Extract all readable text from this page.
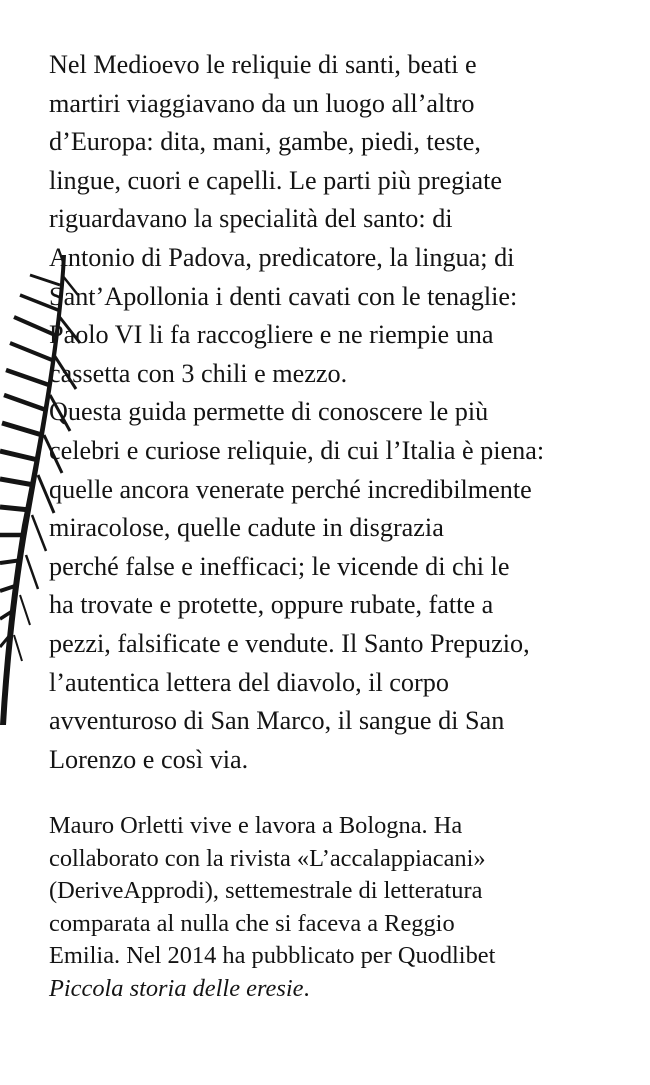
Nel Medioevo le reliquie di santi, beati e
martiri viaggiavano da un luogo all’altro
d’Europa: dita, mani, gambe, piedi, teste,
lingue, cuori e capelli. Le parti più pregiate
riguardavano la specialità del santo: di
Antonio di Padova, predicatore, la lingua; di
Sant’Apollonia i denti cavati con le tenaglie:
Paolo VI li fa raccogliere e ne riempie una
cassetta con 3 chili e mezzo.
Questa guida permette di conoscere le più
celebri e curiose reliquie, di cui l’Italia è piena:
quelle ancora venerate perché incredibilmente
miracolose, quelle cadute in disgrazia
perché false e inefficaci; le vicende di chi le
ha trovate e protette, oppure rubate, fatte a
pezzi, falsificate e vendute. Il Santo Prepuzio,
l’autentica lettera del diavolo, il corpo
avventuroso di San Marco, il sangue di San
Lorenzo e così via.
Mauro Orletti vive e lavora a Bologna. Ha
collaborato con la rivista «L’accalappiacani»
(DeriveApprodi), settemestrale di letteratura
comparata al nulla che si faceva a Reggio
Emilia. Nel 2014 ha pubblicato per Quodlibet
Piccola storia delle eresie.
